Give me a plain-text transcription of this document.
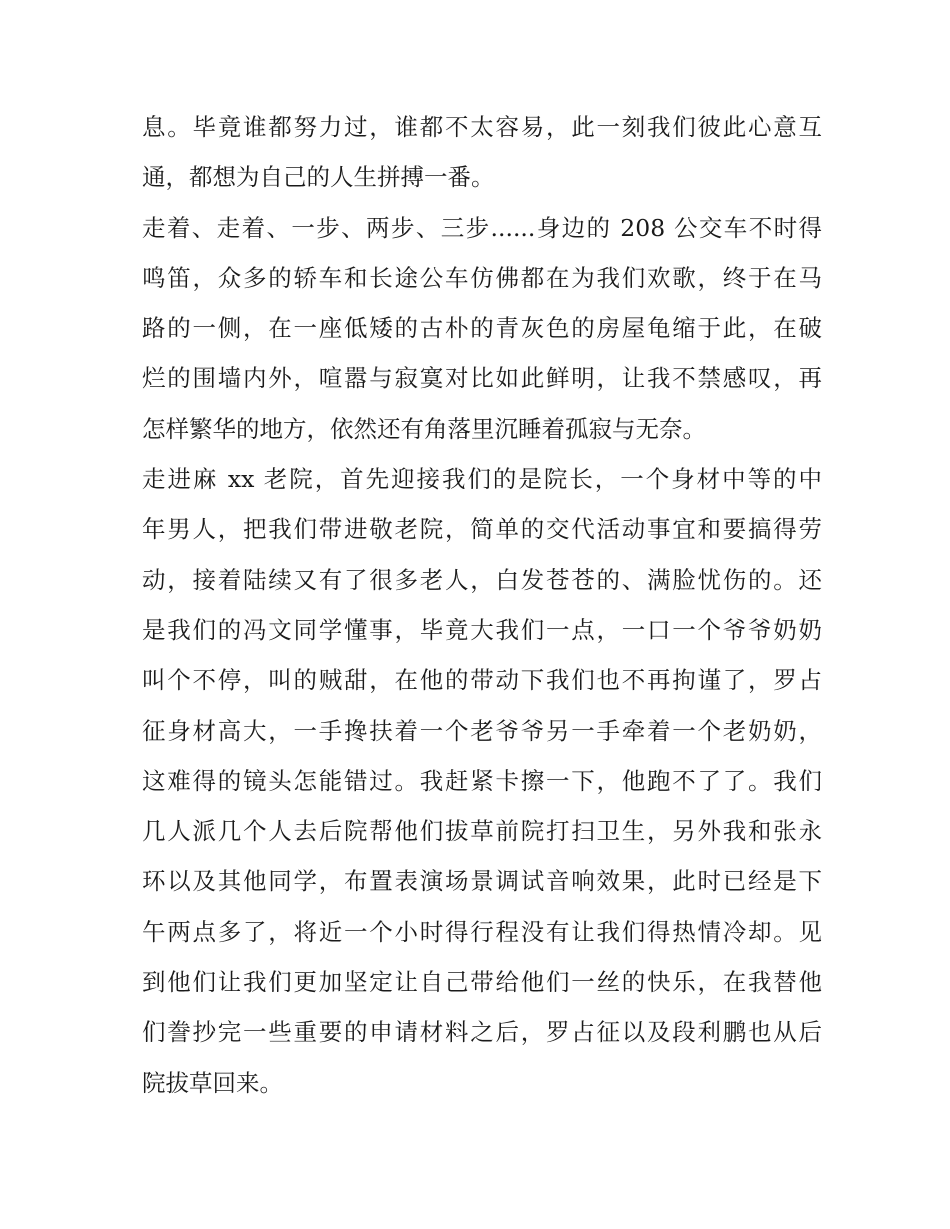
息。毕竟谁都努力过，谁都不太容易，此一刻我们彼此心意互
通，都想为自己的人生拼搏一番。
走着、走着、一步、两步、三步......身边的 208 公交车不时得
鸣笛，众多的轿车和长途公车仿佛都在为我们欢歌，终于在马
路的一侧，在一座低矮的古朴的青灰色的房屋龟缩于此，在破
烂的围墙内外，喧嚣与寂寞对比如此鲜明，让我不禁感叹，再
怎样繁华的地方，依然还有角落里沉睡着孤寂与无奈。
走进麻 xx 老院，首先迎接我们的是院长，一个身材中等的中
年男人，把我们带进敬老院，简单的交代活动事宜和要搞得劳
动，接着陆续又有了很多老人，白发苍苍的、满脸忧伤的。还
是我们的冯文同学懂事，毕竟大我们一点，一口一个爷爷奶奶
叫个不停，叫的贼甜，在他的带动下我们也不再拘谨了，罗占
征身材高大，一手搀扶着一个老爷爷另一手牵着一个老奶奶，
这难得的镜头怎能错过。我赶紧卡擦一下，他跑不了了。我们
几人派几个人去后院帮他们拔草前院打扫卫生，另外我和张永
环以及其他同学，布置表演场景调试音响效果，此时已经是下
午两点多了，将近一个小时得行程没有让我们得热情冷却。见
到他们让我们更加坚定让自己带给他们一丝的快乐，在我替他
们誊抄完一些重要的申请材料之后，罗占征以及段利鹏也从后
院拔草回来。
